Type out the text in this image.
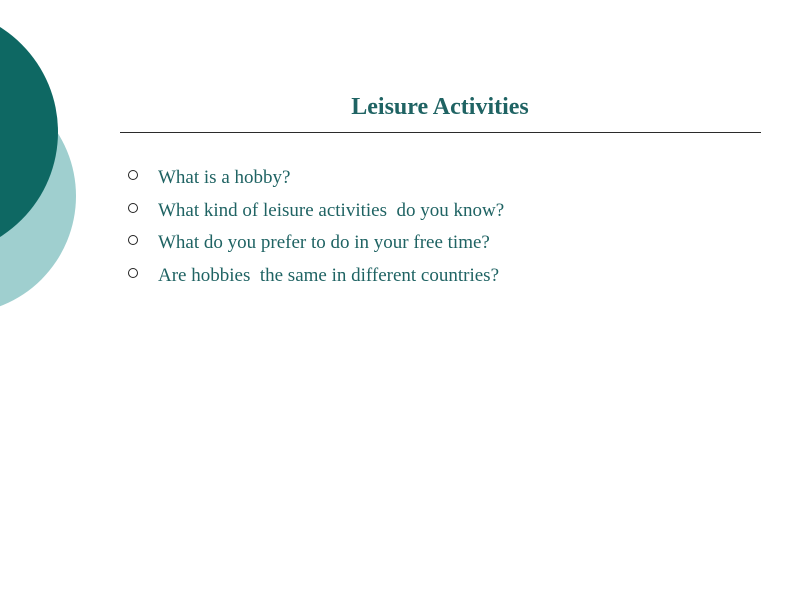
Leisure Activities
What is a hobby?
What kind of leisure activities  do you know?
What do you prefer to do in your free time?
Are hobbies  the same in different countries?
